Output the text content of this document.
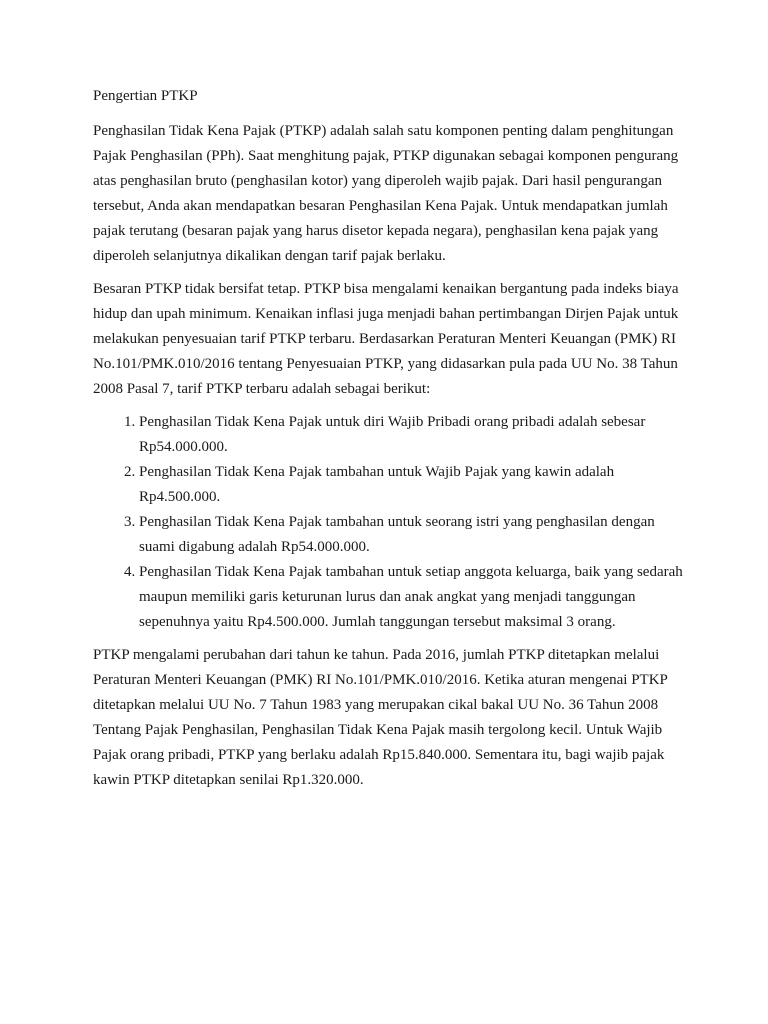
Pengertian PTKP

Penghasilan Tidak Kena Pajak (PTKP) adalah salah satu komponen penting dalam penghitungan Pajak Penghasilan (PPh). Saat menghitung pajak, PTKP digunakan sebagai komponen pengurang atas penghasilan bruto (penghasilan kotor) yang diperoleh wajib pajak. Dari hasil pengurangan tersebut, Anda akan mendapatkan besaran Penghasilan Kena Pajak. Untuk mendapatkan jumlah pajak terutang (besaran pajak yang harus disetor kepada negara), penghasilan kena pajak yang diperoleh selanjutnya dikalikan dengan tarif pajak berlaku.

Besaran PTKP tidak bersifat tetap. PTKP bisa mengalami kenaikan bergantung pada indeks biaya hidup dan upah minimum. Kenaikan inflasi juga menjadi bahan pertimbangan Dirjen Pajak untuk melakukan penyesuaian tarif PTKP terbaru. Berdasarkan Peraturan Menteri Keuangan (PMK) RI No.101/PMK.010/2016 tentang Penyesuaian PTKP, yang didasarkan pula pada UU No. 38 Tahun 2008 Pasal 7, tarif PTKP terbaru adalah sebagai berikut:

1. Penghasilan Tidak Kena Pajak untuk diri Wajib Pribadi orang pribadi adalah sebesar Rp54.000.000.
2. Penghasilan Tidak Kena Pajak tambahan untuk Wajib Pajak yang kawin adalah Rp4.500.000.
3. Penghasilan Tidak Kena Pajak tambahan untuk seorang istri yang penghasilan dengan suami digabung adalah Rp54.000.000.
4. Penghasilan Tidak Kena Pajak tambahan untuk setiap anggota keluarga, baik yang sedarah maupun memiliki garis keturunan lurus dan anak angkat yang menjadi tanggungan sepenuhnya yaitu Rp4.500.000. Jumlah tanggungan tersebut maksimal 3 orang.

PTKP mengalami perubahan dari tahun ke tahun. Pada 2016, jumlah PTKP ditetapkan melalui Peraturan Menteri Keuangan (PMK) RI No.101/PMK.010/2016. Ketika aturan mengenai PTKP ditetapkan melalui UU No. 7 Tahun 1983 yang merupakan cikal bakal UU No. 36 Tahun 2008 Tentang Pajak Penghasilan, Penghasilan Tidak Kena Pajak masih tergolong kecil. Untuk Wajib Pajak orang pribadi, PTKP yang berlaku adalah Rp15.840.000. Sementara itu, bagi wajib pajak kawin PTKP ditetapkan senilai Rp1.320.000.
